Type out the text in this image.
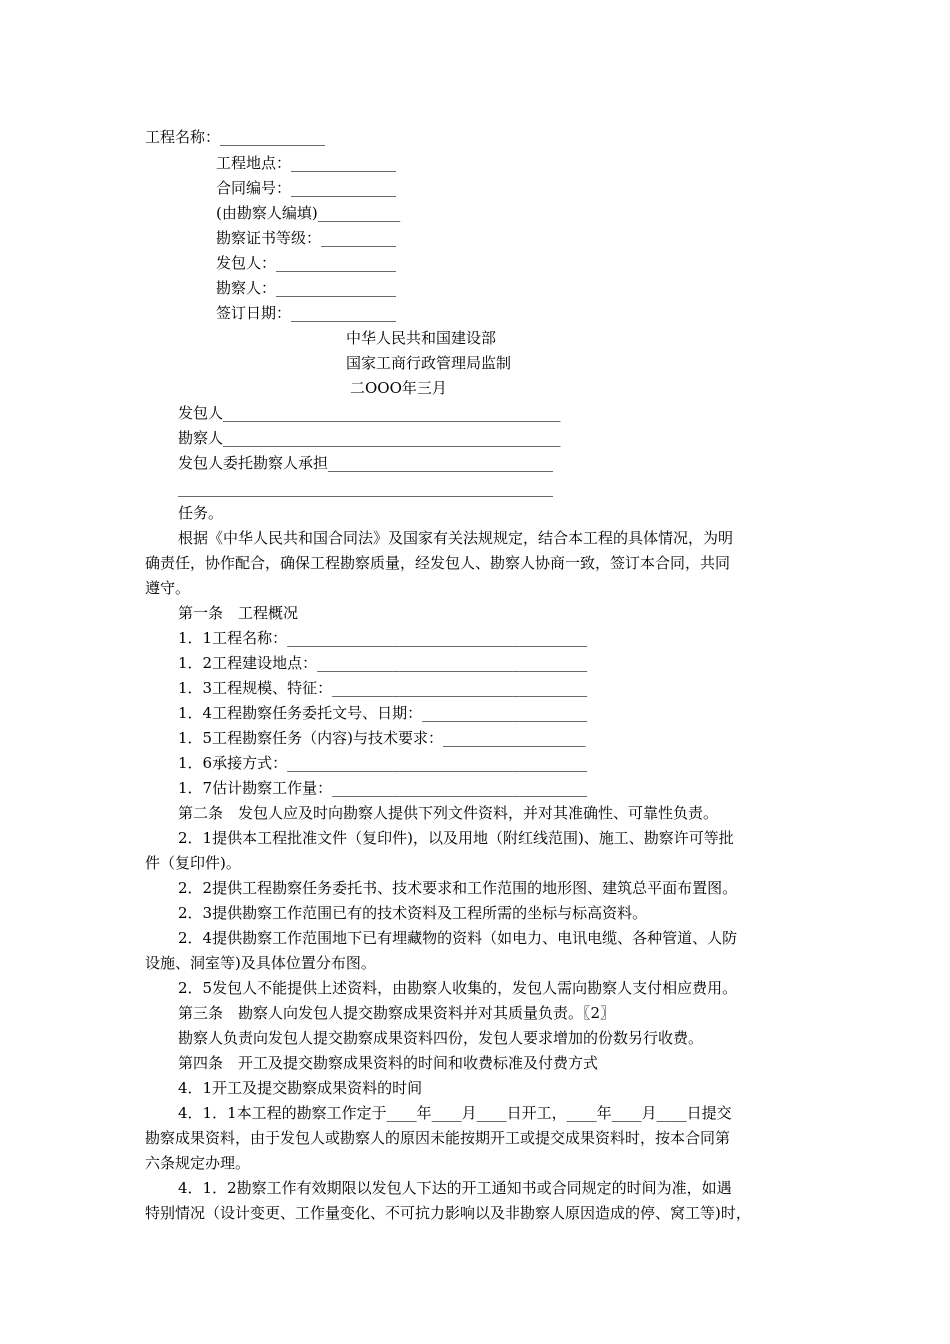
工程名称：______________
工程地点：______________
合同编号：______________
(由勘察人编填)___________
勘察证书等级：__________
发包人：________________
勘察人：________________
签订日期：______________
中华人民共和国建设部
国家工商行政管理局监制
二OOO年三月
发包人_____________________________________________
勘察人_____________________________________________
发包人委托勘察人承担______________________________
__________________________________________________
任务。
根据《中华人民共和国合同法》及国家有关法规规定，结合本工程的具体情况，为明
确责任，协作配合，确保工程勘察质量，经发包人、勘察人协商一致，签订本合同，共同
遵守。
第一条　工程概况
1．1工程名称：________________________________________
1．2工程建设地点：____________________________________
1．3工程规模、特征：__________________________________
1．4工程勘察任务委托文号、日期：______________________
1．5工程勘察任务（内容)与技术要求：___________________
1．6承接方式：________________________________________
1．7估计勘察工作量：__________________________________
第二条　发包人应及时向勘察人提供下列文件资料，并对其准确性、可靠性负责。
2．1提供本工程批准文件（复印件)，以及用地（附红线范围)、施工、勘察许可等批
件（复印件)。
2．2提供工程勘察任务委托书、技术要求和工作范围的地形图、建筑总平面布置图。
2．3提供勘察工作范围已有的技术资料及工程所需的坐标与标高资料。
2．4提供勘察工作范围地下已有埋藏物的资料（如电力、电讯电缆、各种管道、人防
设施、洞室等)及具体位置分布图。
2．5发包人不能提供上述资料，由勘察人收集的，发包人需向勘察人支付相应费用。
第三条　勘察人向发包人提交勘察成果资料并对其质量负责。〖2〗
勘察人负责向发包人提交勘察成果资料四份，发包人要求增加的份数另行收费。
第四条　开工及提交勘察成果资料的时间和收费标准及付费方式
4．1开工及提交勘察成果资料的时间
4．1．1本工程的勘察工作定于____年____月____日开工，____年____月____日提交
勘察成果资料，由于发包人或勘察人的原因未能按期开工或提交成果资料时，按本合同第
六条规定办理。
4．1．2勘察工作有效期限以发包人下达的开工通知书或合同规定的时间为准，如遇
特别情况（设计变更、工作量变化、不可抗力影响以及非勘察人原因造成的停、窝工等)时，
